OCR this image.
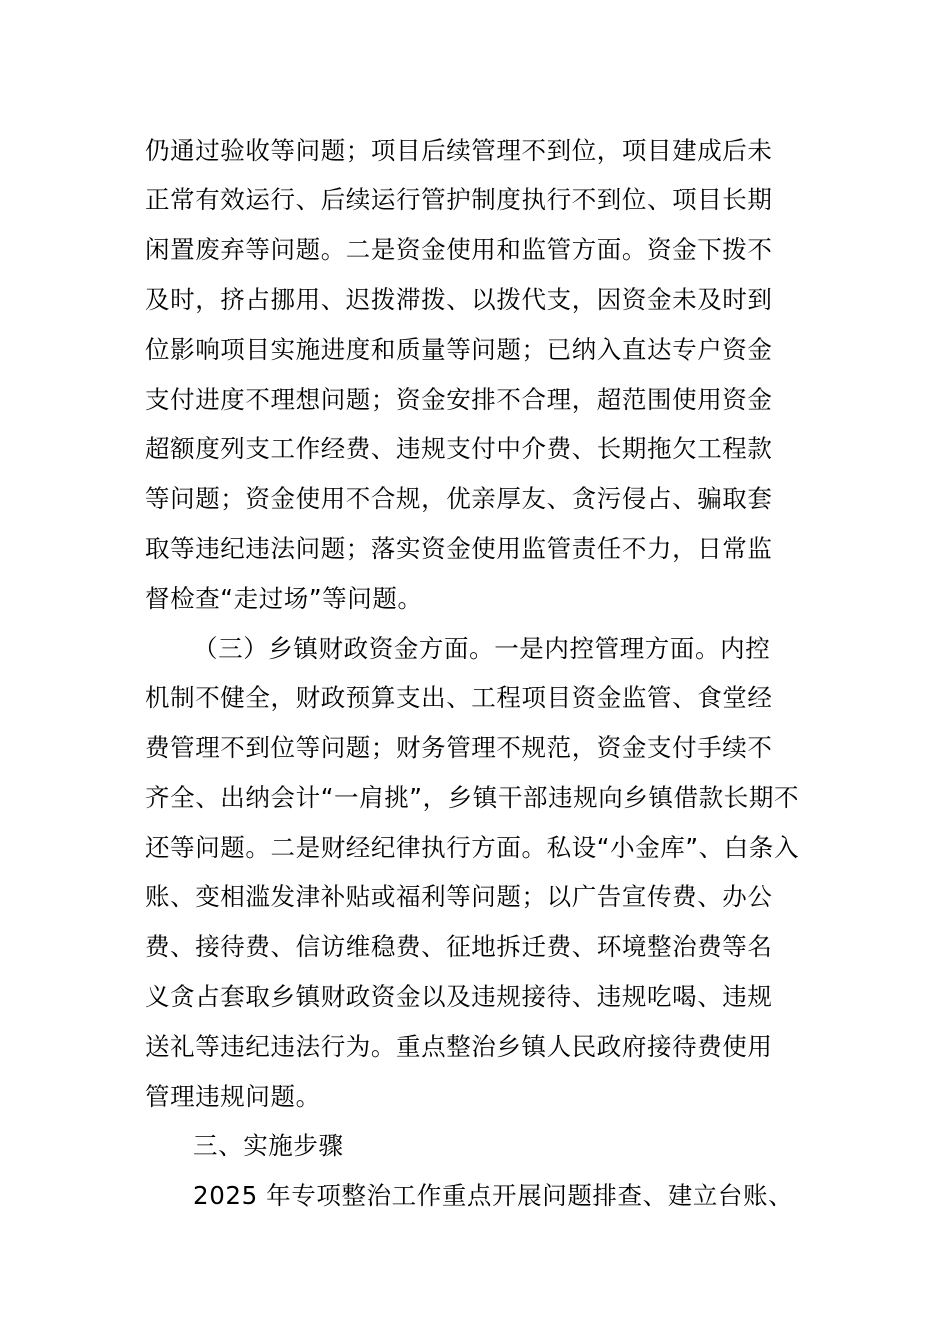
仍通过验收等问题；项目后续管理不到位，项目建成后未
正常有效运行、后续运行管护制度执行不到位、项目长期
闲置废弃等问题。二是资金使用和监管方面。资金下拨不
及时，挤占挪用、迟拨滞拨、以拨代支，因资金未及时到
位影响项目实施进度和质量等问题；已纳入直达专户资金
支付进度不理想问题；资金安排不合理，超范围使用资金
超额度列支工作经费、违规支付中介费、长期拖欠工程款
等问题；资金使用不合规，优亲厚友、贪污侵占、骗取套
取等违纪违法问题；落实资金使用监管责任不力，日常监
督检查“走过场”等问题。
（三）乡镇财政资金方面。一是内控管理方面。内控
机制不健全，财政预算支出、工程项目资金监管、食堂经
费管理不到位等问题；财务管理不规范，资金支付手续不
齐全、出纳会计“一肩挑”，乡镇干部违规向乡镇借款长期不
还等问题。二是财经纪律执行方面。私设“小金库”、白条入
账、变相滥发津补贴或福利等问题；以广告宣传费、办公
费、接待费、信访维稳费、征地拆迁费、环境整治费等名
义贪占套取乡镇财政资金以及违规接待、违规吃喝、违规
送礼等违纪违法行为。重点整治乡镇人民政府接待费使用
管理违规问题。
三、实施步骤
2025 年专项整治工作重点开展问题排查、建立台账、
